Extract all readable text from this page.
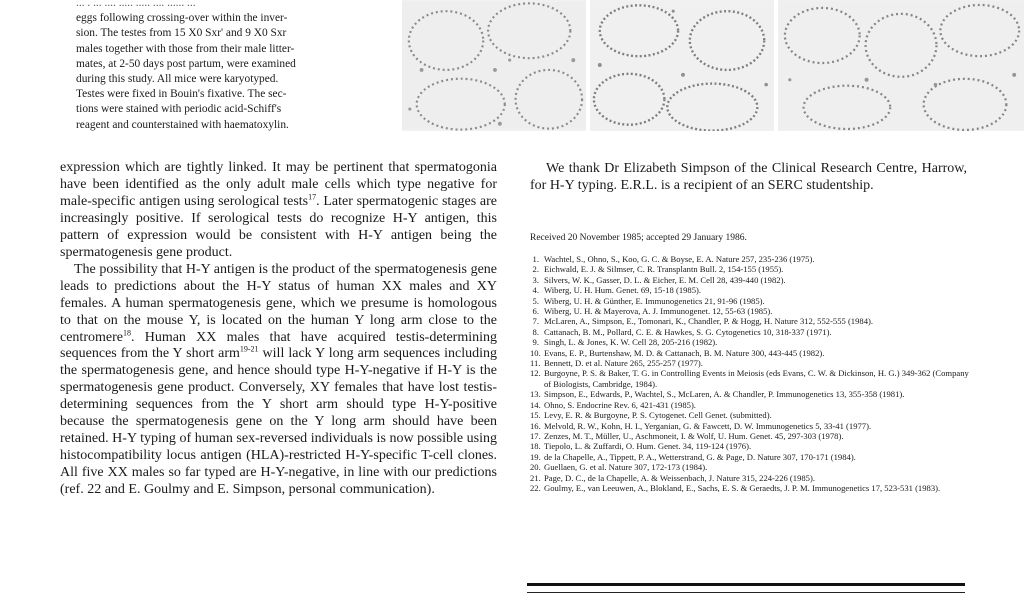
... . ... .... ..... ..... .... ...... ...

eggs following crossing-over within the inver-

sion. The testes from 15 X0 Sxr' and 9 X0 Sxr

males together with those from their male litter-

mates, at 2-50 days post partum, were examined

during this study. All mice were karyotyped.

Testes were fixed in Bouin's fixative. The sec-

tions were stained with periodic acid-Schiff's

reagent and counterstained with haematoxylin.

expression which are tightly linked. It may be pertinent that spermatogonia have been identified as the only adult male cells which type negative for male-specific antigen using serological tests$^{17}$. Later spermatogenic stages are increasingly positive. If serological tests do recognize H-Y antigen, this pattern of expression would be consistent with H-Y antigen being the spermatogenesis gene product.

The possibility that H-Y antigen is the product of the spermatogenesis gene leads to predictions about the H-Y status of human XX males and XY females. A human spermatogenesis gene, which we presume is homologous to that on the mouse Y, is located on the human Y long arm close to the centromere$^{18}$. Human XX males that have acquired testis-determining sequences from the Y short arm$^{19-21}$ will lack Y long arm sequences including the spermatogenesis gene, and hence should type H-Y-negative if H-Y is the spermatogenesis gene product. Conversely, XY females that have lost testis-determining sequences from the Y short arm should type H-Y-positive because the spermatogenesis gene on the Y long arm should have been retained. H-Y typing of human sex-reversed individuals is now possible using histocompatibility locus antigen (HLA)-restricted H-Y-specific T-cell clones. All five XX males so far typed are H-Y-negative, in line with our predictions (ref. 22 and E. Goulmy and E. Simpson, personal communication).

We thank Dr Elizabeth Simpson of the Clinical Research Centre, Harrow, for H-Y typing. E.R.L. is a recipient of an SERC studentship.

Received 20 November 1985; accepted 29 January 1986.
1. Wachtel, S., Ohno, S., Koo, G. C. & Boyse, E. A. Nature 257, 235-236 (1975).
2. Eichwald, E. J. & Silmser, C. R. Transplantn Bull. 2, 154-155 (1955).
3. Silvers, W. K., Gasser, D. L. & Eicher, E. M. Cell 28, 439-440 (1982).
4. Wiberg, U. H. Hum. Genet. 69, 15-18 (1985).
5. Wiberg, U. H. & Günther, E. Immunogenetics 21, 91-96 (1985).
6. Wiberg, U. H. & Mayerova, A. J. Immunogenet. 12, 55-63 (1985).
7. McLaren, A., Simpson, E., Tomonari, K., Chandler, P. & Hogg, H. Nature 312, 552-555 (1984).
8. Cattanach, B. M., Pollard, C. E. & Hawkes, S. G. Cytogenetics 10, 318-337 (1971).
9. Singh, L. & Jones, K. W. Cell 28, 205-216 (1982).
10. Evans, E. P., Burtenshaw, M. D. & Cattanach, B. M. Nature 300, 443-445 (1982).
11. Bennett, D. et al. Nature 265, 255-257 (1977).
12. Burgoyne, P. S. & Baker, T. G. in Controlling Events in Meiosis (eds Evans, C. W. & Dickinson, H. G.) 349-362 (Company of Biologists, Cambridge, 1984).
13. Simpson, E., Edwards, P., Wachtel, S., McLaren, A. & Chandler, P. Immunogenetics 13, 355-358 (1981).
14. Ohno, S. Endocrine Rev. 6, 421-431 (1985).
15. Levy, E. R. & Burgoyne, P. S. Cytogenet. Cell Genet. (submitted).
16. Melvold, R. W., Kohn, H. I., Yerganian, G. & Fawcett, D. W. Immunogenetics 5, 33-41 (1977).
17. Zenzes, M. T., Müller, U., Aschmoneit, I. & Wolf, U. Hum. Genet. 45, 297-303 (1978).
18. Tiepolo, L. & Zuffardi, O. Hum. Genet. 34, 119-124 (1976).
19. de la Chapelle, A., Tippett, P. A., Wetterstrand, G. & Page, D. Nature 307, 170-171 (1984).
20. Guellaen, G. et al. Nature 307, 172-173 (1984).
21. Page, D. C., de la Chapelle, A. & Weissenbach, J. Nature 315, 224-226 (1985).
22. Goulmy, E., van Leeuwen, A., Blokland, E., Sachs, E. S. & Geraedts, J. P. M. Immunogenetics 17, 523-531 (1983).
